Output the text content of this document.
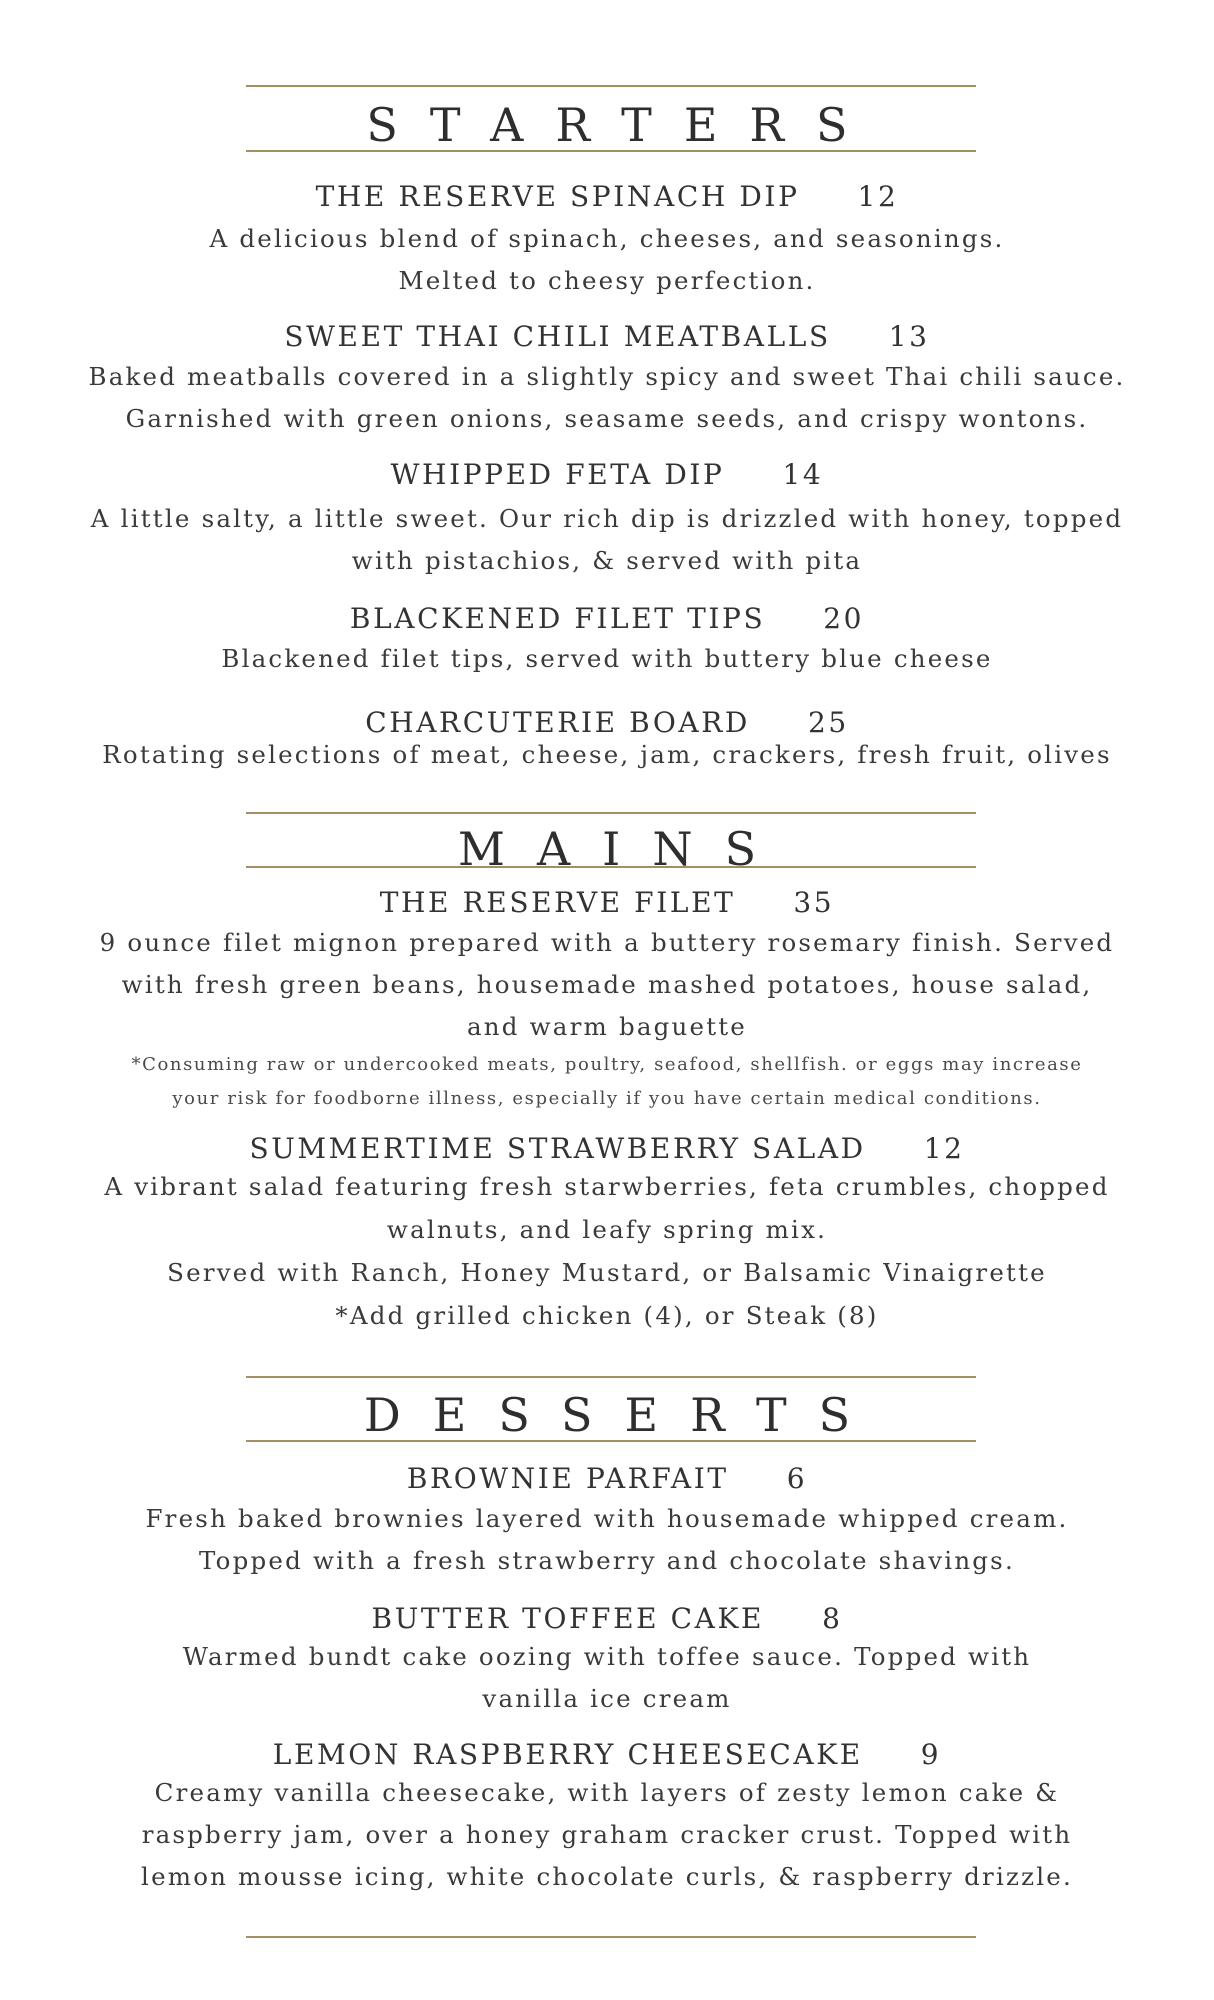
STARTERS
THE RESERVE SPINACH DIP 12
A delicious blend of spinach, cheeses, and seasonings.
Melted to cheesy perfection.
SWEET THAI CHILI MEATBALLS 13
Baked meatballs covered in a slightly spicy and sweet Thai chili sauce.
Garnished with green onions, seasame seeds, and crispy wontons.
WHIPPED FETA DIP 14
A little salty, a little sweet. Our rich dip is drizzled with honey, topped
with pistachios, & served with pita
BLACKENED FILET TIPS 20
Blackened filet tips, served with buttery blue cheese
CHARCUTERIE BOARD 25
Rotating selections of meat, cheese, jam, crackers, fresh fruit, olives
MAINS
THE RESERVE FILET 35
9 ounce filet mignon prepared with a buttery rosemary finish. Served
with fresh green beans, housemade mashed potatoes, house salad,
and warm baguette
*Consuming raw or undercooked meats, poultry, seafood, shellfish. or eggs may increase
your risk for foodborne illness, especially if you have certain medical conditions.
SUMMERTIME STRAWBERRY SALAD 12
A vibrant salad featuring fresh starwberries, feta crumbles, chopped
walnuts, and leafy spring mix.
Served with Ranch, Honey Mustard, or Balsamic Vinaigrette
*Add grilled chicken (4), or Steak (8)
DESSERTS
BROWNIE PARFAIT 6
Fresh baked brownies layered with housemade whipped cream.
Topped with a fresh strawberry and chocolate shavings.
BUTTER TOFFEE CAKE 8
Warmed bundt cake oozing with toffee sauce. Topped with
vanilla ice cream
LEMON RASPBERRY CHEESECAKE 9
Creamy vanilla cheesecake, with layers of zesty lemon cake &
raspberry jam, over a honey graham cracker crust. Topped with
lemon mousse icing, white chocolate curls, & raspberry drizzle.
